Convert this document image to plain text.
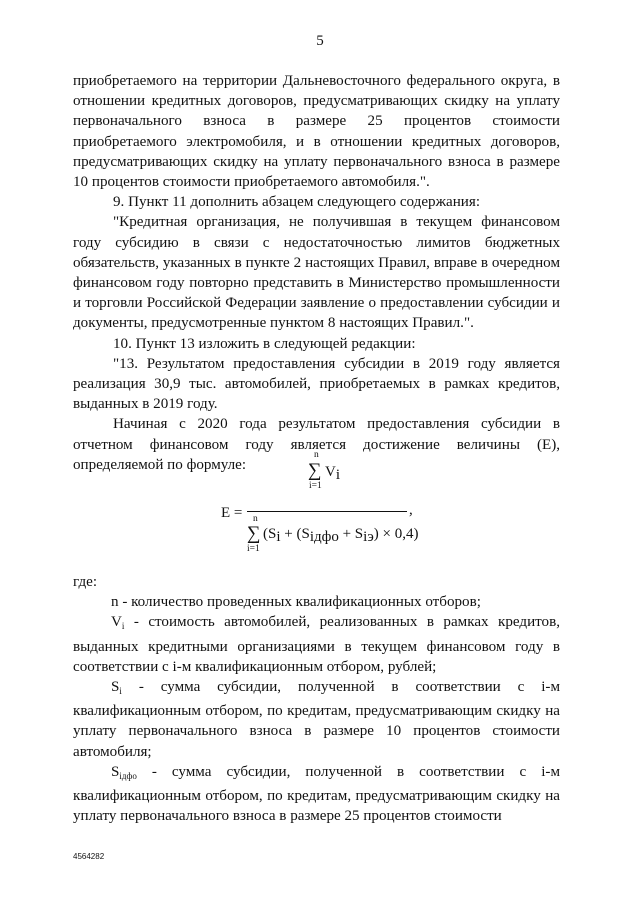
5

приобретаемого на территории Дальневосточного федерального округа, в отношении кредитных договоров, предусматривающих скидку на уплату первоначального взноса в размере 25 процентов стоимости приобретаемого электромобиля, и в отношении кредитных договоров, предусматривающих скидку на уплату первоначального взноса в размере 10 процентов стоимости приобретаемого автомобиля.".

9. Пункт 11 дополнить абзацем следующего содержания:

"Кредитная организация, не получившая в текущем финансовом году субсидию в связи с недостаточностью лимитов бюджетных обязательств, указанных в пункте 2 настоящих Правил, вправе в очередном финансовом году повторно представить в Министерство промышленности и торговли Российской Федерации заявление о предоставлении субсидии и документы, предусмотренные пунктом 8 настоящих Правил.".

10. Пункт 13 изложить в следующей редакции:

"13. Результатом предоставления субсидии в 2019 году является реализация 30,9 тыс. автомобилей, приобретаемых в рамках кредитов, выданных в 2019 году.

Начиная с 2020 года результатом предоставления субсидии в отчетном финансовом году является достижение величины (Е), определяемой по формуле:

E =
n
∑
i=1
Vi
,
n
∑
i=1
(Si + (Siдфо + Siэ) × 0,4)

где:

n - количество проведенных квалификационных отборов;

$V_i$ - стоимость автомобилей, реализованных в рамках кредитов, выданных кредитными организациями в текущем финансовом году в соответствии с i-м квалификационным отбором, рублей;

$S_i$ - сумма субсидии, полученной в соответствии с i-м квалификационным отбором, по кредитам, предусматривающим скидку на уплату первоначального взноса в размере 10 процентов стоимости автомобиля;

$S_{iдфо}$ - сумма субсидии, полученной в соответствии с i-м квалификационным отбором, по кредитам, предусматривающим скидку на уплату первоначального взноса в размере 25 процентов стоимости

4564282
